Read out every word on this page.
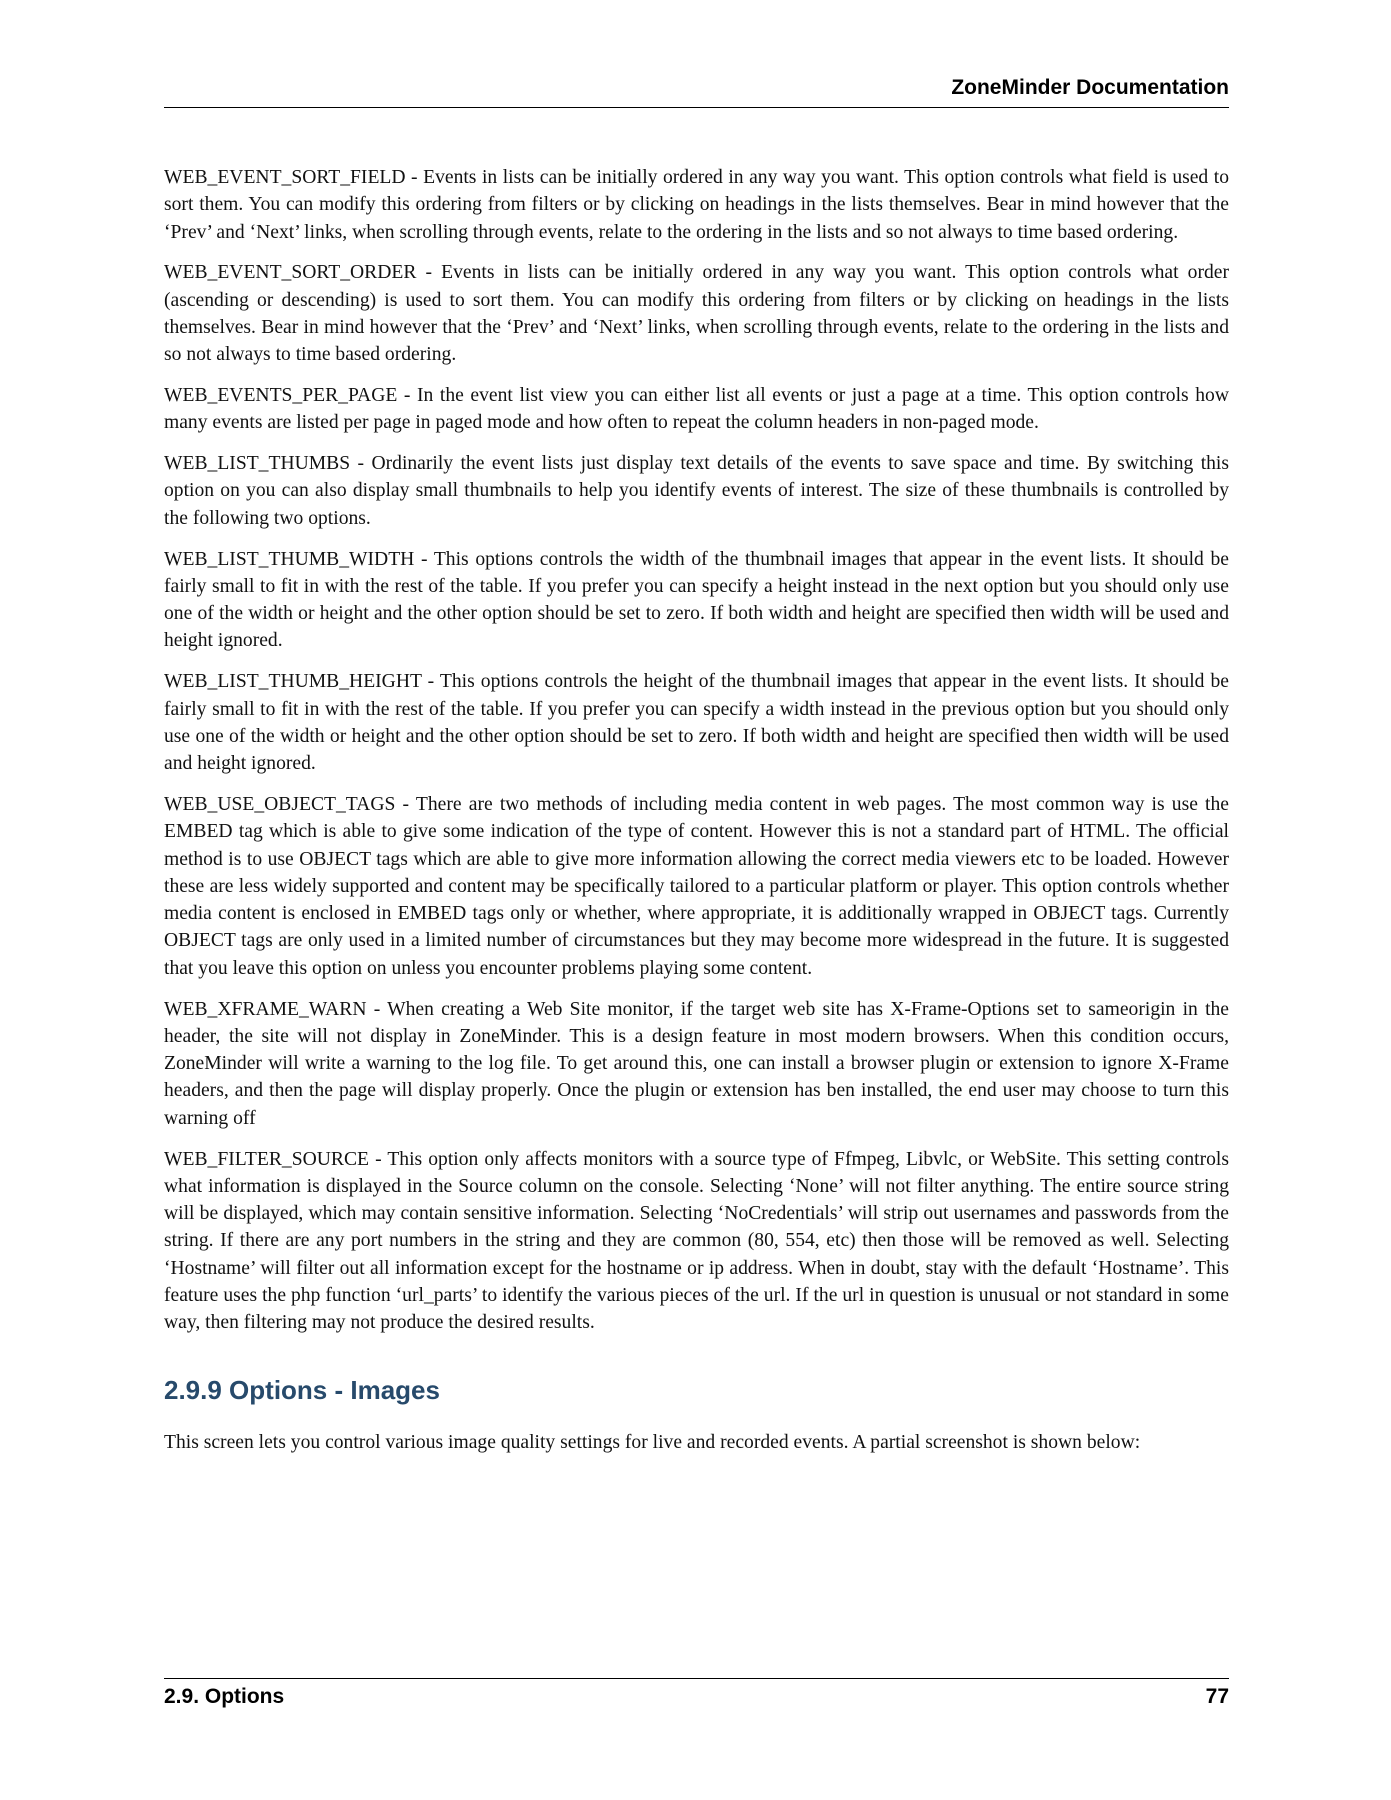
ZoneMinder Documentation

WEB_EVENT_SORT_FIELD - Events in lists can be initially ordered in any way you want. This option controls what field is used to sort them. You can modify this ordering from filters or by clicking on headings in the lists themselves. Bear in mind however that the ‘Prev’ and ‘Next’ links, when scrolling through events, relate to the ordering in the lists and so not always to time based ordering.

WEB_EVENT_SORT_ORDER - Events in lists can be initially ordered in any way you want. This option controls what order (ascending or descending) is used to sort them. You can modify this ordering from filters or by clicking on headings in the lists themselves. Bear in mind however that the ‘Prev’ and ‘Next’ links, when scrolling through events, relate to the ordering in the lists and so not always to time based ordering.

WEB_EVENTS_PER_PAGE - In the event list view you can either list all events or just a page at a time. This option controls how many events are listed per page in paged mode and how often to repeat the column headers in non-paged mode.

WEB_LIST_THUMBS - Ordinarily the event lists just display text details of the events to save space and time. By switching this option on you can also display small thumbnails to help you identify events of interest. The size of these thumbnails is controlled by the following two options.

WEB_LIST_THUMB_WIDTH - This options controls the width of the thumbnail images that appear in the event lists. It should be fairly small to fit in with the rest of the table. If you prefer you can specify a height instead in the next option but you should only use one of the width or height and the other option should be set to zero. If both width and height are specified then width will be used and height ignored.

WEB_LIST_THUMB_HEIGHT - This options controls the height of the thumbnail images that appear in the event lists. It should be fairly small to fit in with the rest of the table. If you prefer you can specify a width instead in the previous option but you should only use one of the width or height and the other option should be set to zero. If both width and height are specified then width will be used and height ignored.

WEB_USE_OBJECT_TAGS - There are two methods of including media content in web pages. The most common way is use the EMBED tag which is able to give some indication of the type of content. However this is not a standard part of HTML. The official method is to use OBJECT tags which are able to give more information allowing the correct media viewers etc to be loaded. However these are less widely supported and content may be specifically tailored to a particular platform or player. This option controls whether media content is enclosed in EMBED tags only or whether, where appropriate, it is additionally wrapped in OBJECT tags. Currently OBJECT tags are only used in a limited number of circumstances but they may become more widespread in the future. It is suggested that you leave this option on unless you encounter problems playing some content.

WEB_XFRAME_WARN - When creating a Web Site monitor, if the target web site has X-Frame-Options set to sameorigin in the header, the site will not display in ZoneMinder. This is a design feature in most modern browsers. When this condition occurs, ZoneMinder will write a warning to the log file. To get around this, one can install a browser plugin or extension to ignore X-Frame headers, and then the page will display properly. Once the plugin or extension has ben installed, the end user may choose to turn this warning off

WEB_FILTER_SOURCE - This option only affects monitors with a source type of Ffmpeg, Libvlc, or WebSite. This setting controls what information is displayed in the Source column on the console. Selecting ‘None’ will not filter anything. The entire source string will be displayed, which may contain sensitive information. Selecting ‘NoCredentials’ will strip out usernames and passwords from the string. If there are any port numbers in the string and they are common (80, 554, etc) then those will be removed as well. Selecting ‘Hostname’ will filter out all information except for the hostname or ip address. When in doubt, stay with the default ‘Hostname’. This feature uses the php function ‘url_parts’ to identify the various pieces of the url. If the url in question is unusual or not standard in some way, then filtering may not produce the desired results.

2.9.9 Options - Images

This screen lets you control various image quality settings for live and recorded events. A partial screenshot is shown below:

2.9. Options	77
